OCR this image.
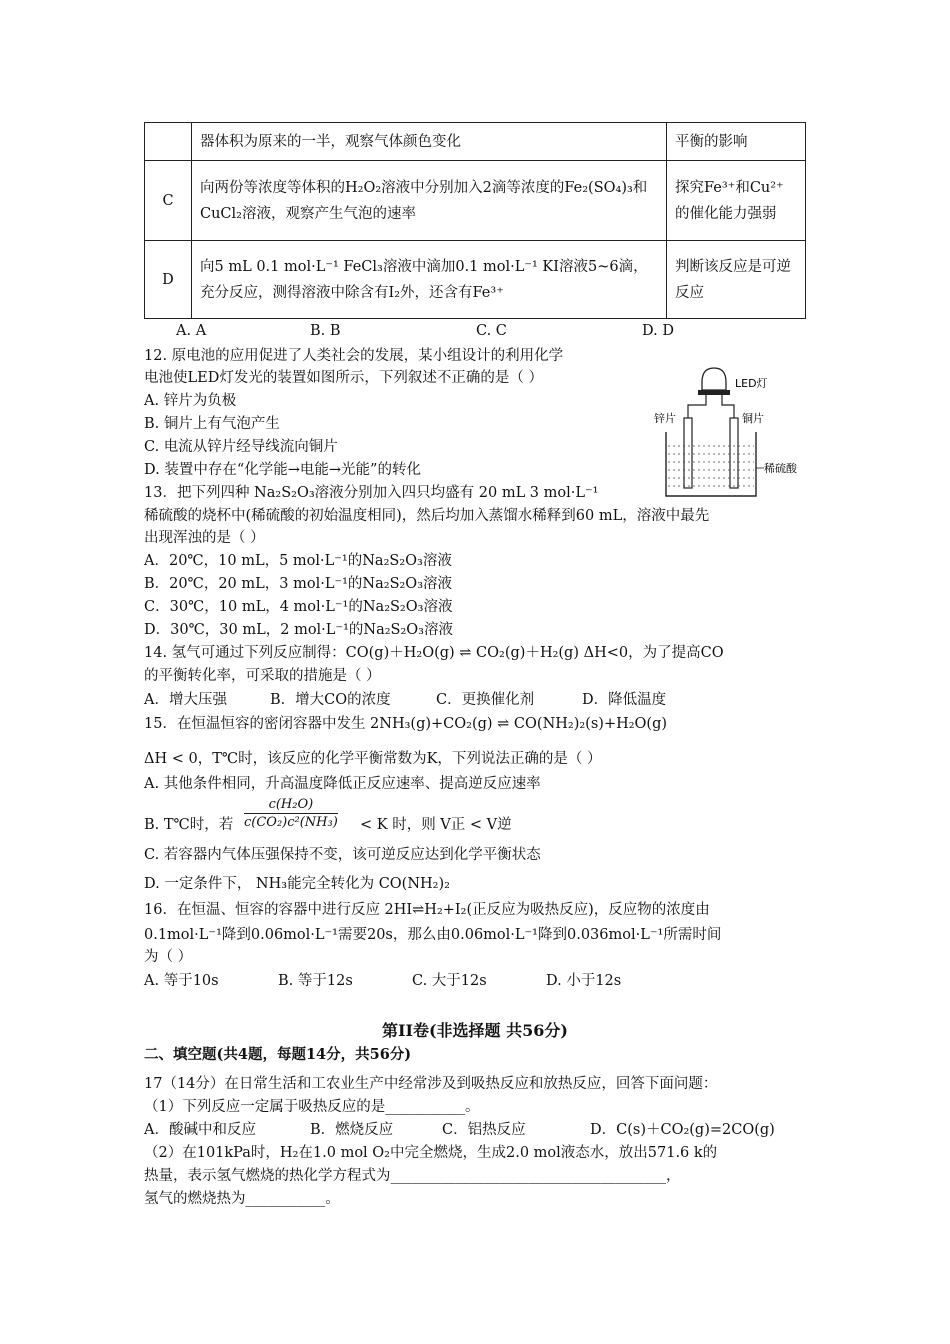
	器体积为原来的一半，观察气体颜色变化	平衡的影响
C	向两份等浓度等体积的H₂O₂溶液中分别加入2滴等浓度的Fe₂(SO₄)₃和CuCl₂溶液，观察产生气泡的速率	探究Fe³⁺和Cu²⁺的催化能力强弱
D	向5 mL 0.1 mol·L⁻¹ FeCl₃溶液中滴加0.1 mol·L⁻¹ KI溶液5~6滴，充分反应，测得溶液中除含有I₂外，还含有Fe³⁺	判断该反应是可逆反应
A. A	B. B	C. C	D. D
12. 原电池的应用促进了人类社会的发展，某小组设计的利用化学
电池使LED灯发光的装置如图所示，下列叙述不正确的是（ ）
A. 锌片为负极
B. 铜片上有气泡产生
C. 电流从锌片经导线流向铜片
D. 装置中存在“化学能→电能→光能”的转化
LED灯
锌片	铜片
稀硫酸
13．把下列四种 Na₂S₂O₃溶液分别加入四只均盛有 20 mL 3 mol·L⁻¹
稀硫酸的烧杯中(稀硫酸的初始温度相同)，然后均加入蒸馏水稀释到60 mL，溶液中最先
出现浑浊的是（ ）
A．20℃，10 mL，5 mol·L⁻¹的Na₂S₂O₃溶液
B．20℃，20 mL，3 mol·L⁻¹的Na₂S₂O₃溶液
C．30℃，10 mL，4 mol·L⁻¹的Na₂S₂O₃溶液
D．30℃，30 mL，2 mol·L⁻¹的Na₂S₂O₃溶液
14. 氢气可通过下列反应制得：CO(g)＋H₂O(g) ⇌ CO₂(g)＋H₂(g) ΔH<0，为了提高CO
的平衡转化率，可采取的措施是（ ）
A．增大压强	B．增大CO的浓度	C．更换催化剂	D．降低温度
15．在恒温恒容的密闭容器中发生 2NH₃(g)+CO₂(g) ⇌ CO(NH₂)₂(s)+H₂O(g)
ΔH < 0，T℃时，该反应的化学平衡常数为K，下列说法正确的是（ ）
A. 其他条件相同，升高温度降低正反应速率、提高逆反应速率
B. T℃时，若 $\frac{\text{c(H₂O)}}{\text{c(CO₂)c²(NH₃)}} < K$ 时，则 V正 < V逆
C. 若容器内气体压强保持不变，该可逆反应达到化学平衡状态
D. 一定条件下， NH₃能完全转化为 CO(NH₂)₂
16．在恒温、恒容的容器中进行反应 2HI⇌H₂+I₂(正反应为吸热反应)，反应物的浓度由
0.1mol·L⁻¹降到0.06mol·L⁻¹需要20s，那么由0.06mol·L⁻¹降到0.036mol·L⁻¹所需时间
为（ ）
A. 等于10s	B. 等于12s	C. 大于12s	D. 小于12s
第II卷(非选择题 共56分)
二、填空题(共4题，每题14分，共56分)
17（14分）在日常生活和工农业生产中经常涉及到吸热反应和放热反应，回答下面问题：
（1）下列反应一定属于吸热反应的是___________。
A．酸碱中和反应	B．燃烧反应	C．铝热反应	D．C(s)＋CO₂(g)=2CO(g)
（2）在101kPa时，H₂在1.0 mol O₂中完全燃烧，生成2.0 mol液态水，放出571.6 k的
热量，表示氢气燃烧的热化学方程式为______________________________________，
氢气的燃烧热为___________。
